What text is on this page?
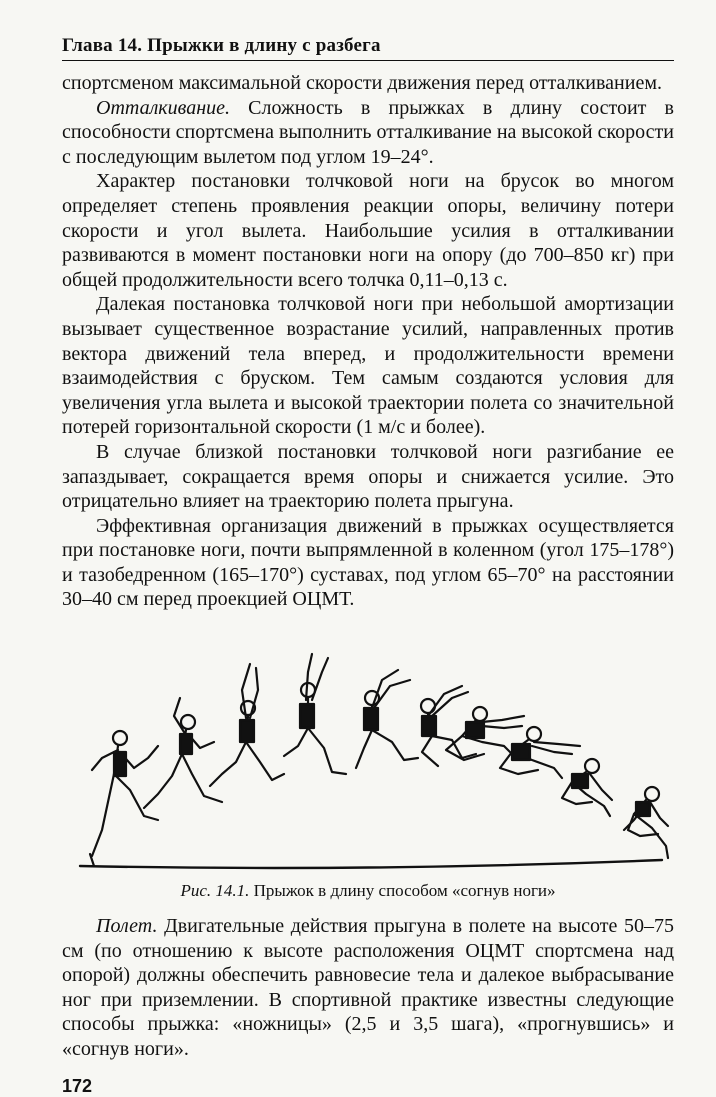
Глава 14. Прыжки в длину с разбега

спортсменом максимальной скорости движения перед отталкиванием.

Отталкивание. Сложность в прыжках в длину состоит в способности спортсмена выполнить отталкивание на высокой скорости с последующим вылетом под углом 19–24°.

Характер постановки толчковой ноги на брусок во многом определяет степень проявления реакции опоры, величину потери скорости и угол вылета. Наибольшие усилия в отталкивании развиваются в момент постановки ноги на опору (до 700–850 кг) при общей продолжительности всего толчка 0,11–0,13 с.

Далекая постановка толчковой ноги при небольшой амортизации вызывает существенное возрастание усилий, направленных против вектора движений тела вперед, и продолжительности времени взаимодействия с бруском. Тем самым создаются условия для увеличения угла вылета и высокой траектории полета со значительной потерей горизонтальной скорости (1 м/с и более).

В случае близкой постановки толчковой ноги разгибание ее запаздывает, сокращается время опоры и снижается усилие. Это отрицательно влияет на траекторию полета прыгуна.

Эффективная организация движений в прыжках осуществляется при постановке ноги, почти выпрямленной в коленном (угол 175–178°) и тазобедренном (165–170°) суставах, под углом 65–70° на расстоянии 30–40 см перед проекцией ОЦМТ.

Рис. 14.1. Прыжок в длину способом «согнув ноги»

Полет. Двигательные действия прыгуна в полете на высоте 50–75 см (по отношению к высоте расположения ОЦМТ спортсмена над опорой) должны обеспечить равновесие тела и далекое выбрасывание ног при приземлении. В спортивной практике известны следующие способы прыжка: «ножницы» (2,5 и 3,5 шага), «прогнувшись» и «согнув ноги».

172
